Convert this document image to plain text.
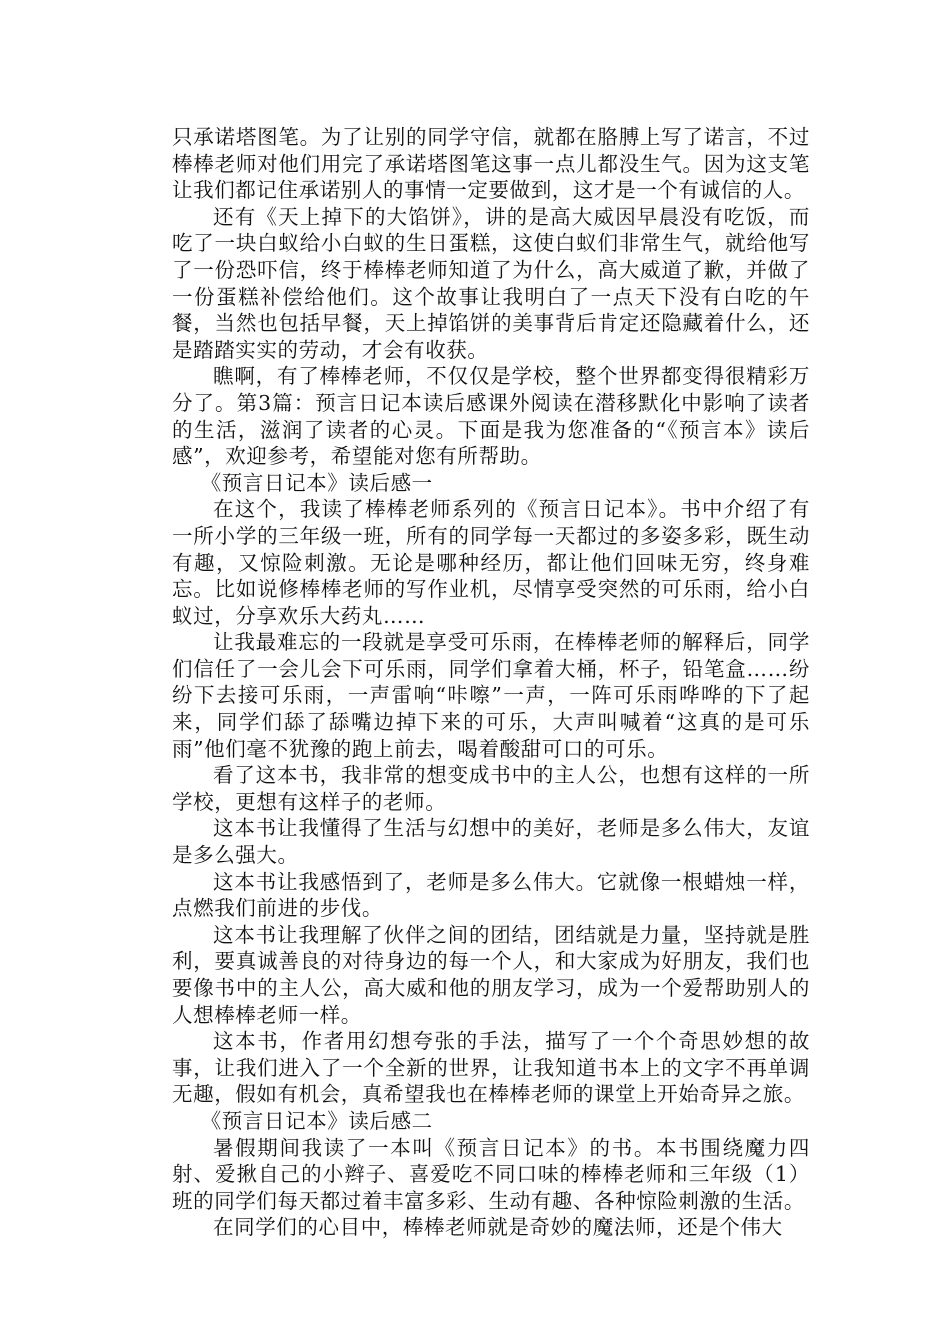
只承诺塔图笔。为了让别的同学守信，就都在胳膊上写了诺言，不过棒棒老师对他们用完了承诺塔图笔这事一点儿都没生气。因为这支笔让我们都记住承诺别人的事情一定要做到，这才是一个有诚信的人。

还有《天上掉下的大馅饼》，讲的是高大威因早晨没有吃饭，而吃了一块白蚁给小白蚁的生日蛋糕，这使白蚁们非常生气，就给他写了一份恐吓信，终于棒棒老师知道了为什么，高大威道了歉，并做了一份蛋糕补偿给他们。这个故事让我明白了一点天下没有白吃的午餐，当然也包括早餐，天上掉馅饼的美事背后肯定还隐藏着什么，还是踏踏实实的劳动，才会有收获。

瞧啊，有了棒棒老师，不仅仅是学校，整个世界都变得很精彩万分了。第3篇：预言日记本读后感课外阅读在潜移默化中影响了读者的生活，滋润了读者的心灵。下面是我为您准备的“《预言本》读后感”，欢迎参考，希望能对您有所帮助。

《预言日记本》读后感一

在这个，我读了棒棒老师系列的《预言日记本》。书中介绍了有一所小学的三年级一班，所有的同学每一天都过的多姿多彩，既生动有趣，又惊险刺激。无论是哪种经历，都让他们回味无穷，终身难忘。比如说修棒棒老师的写作业机，尽情享受突然的可乐雨，给小白蚁过，分享欢乐大药丸……

让我最难忘的一段就是享受可乐雨，在棒棒老师的解释后，同学们信任了一会儿会下可乐雨，同学们拿着大桶，杯子，铅笔盒……纷纷下去接可乐雨，一声雷响“咔嚓”一声，一阵可乐雨哗哗的下了起来，同学们舔了舔嘴边掉下来的可乐，大声叫喊着“这真的是可乐雨”他们毫不犹豫的跑上前去，喝着酸甜可口的可乐。

看了这本书，我非常的想变成书中的主人公，也想有这样的一所学校，更想有这样子的老师。

这本书让我懂得了生活与幻想中的美好，老师是多么伟大，友谊是多么强大。

这本书让我感悟到了，老师是多么伟大。它就像一根蜡烛一样，点燃我们前进的步伐。

这本书让我理解了伙伴之间的团结，团结就是力量，坚持就是胜利，要真诚善良的对待身边的每一个人，和大家成为好朋友，我们也要像书中的主人公，高大威和他的朋友学习，成为一个爱帮助别人的人想棒棒老师一样。

这本书，作者用幻想夸张的手法，描写了一个个奇思妙想的故事，让我们进入了一个全新的世界，让我知道书本上的文字不再单调无趣，假如有机会，真希望我也在棒棒老师的课堂上开始奇异之旅。

《预言日记本》读后感二

暑假期间我读了一本叫《预言日记本》的书。本书围绕魔力四射、爱揪自己的小辫子、喜爱吃不同口味的棒棒老师和三年级（1）班的同学们每天都过着丰富多彩、生动有趣、各种惊险刺激的生活。

在同学们的心目中，棒棒老师就是奇妙的魔法师，还是个伟大
